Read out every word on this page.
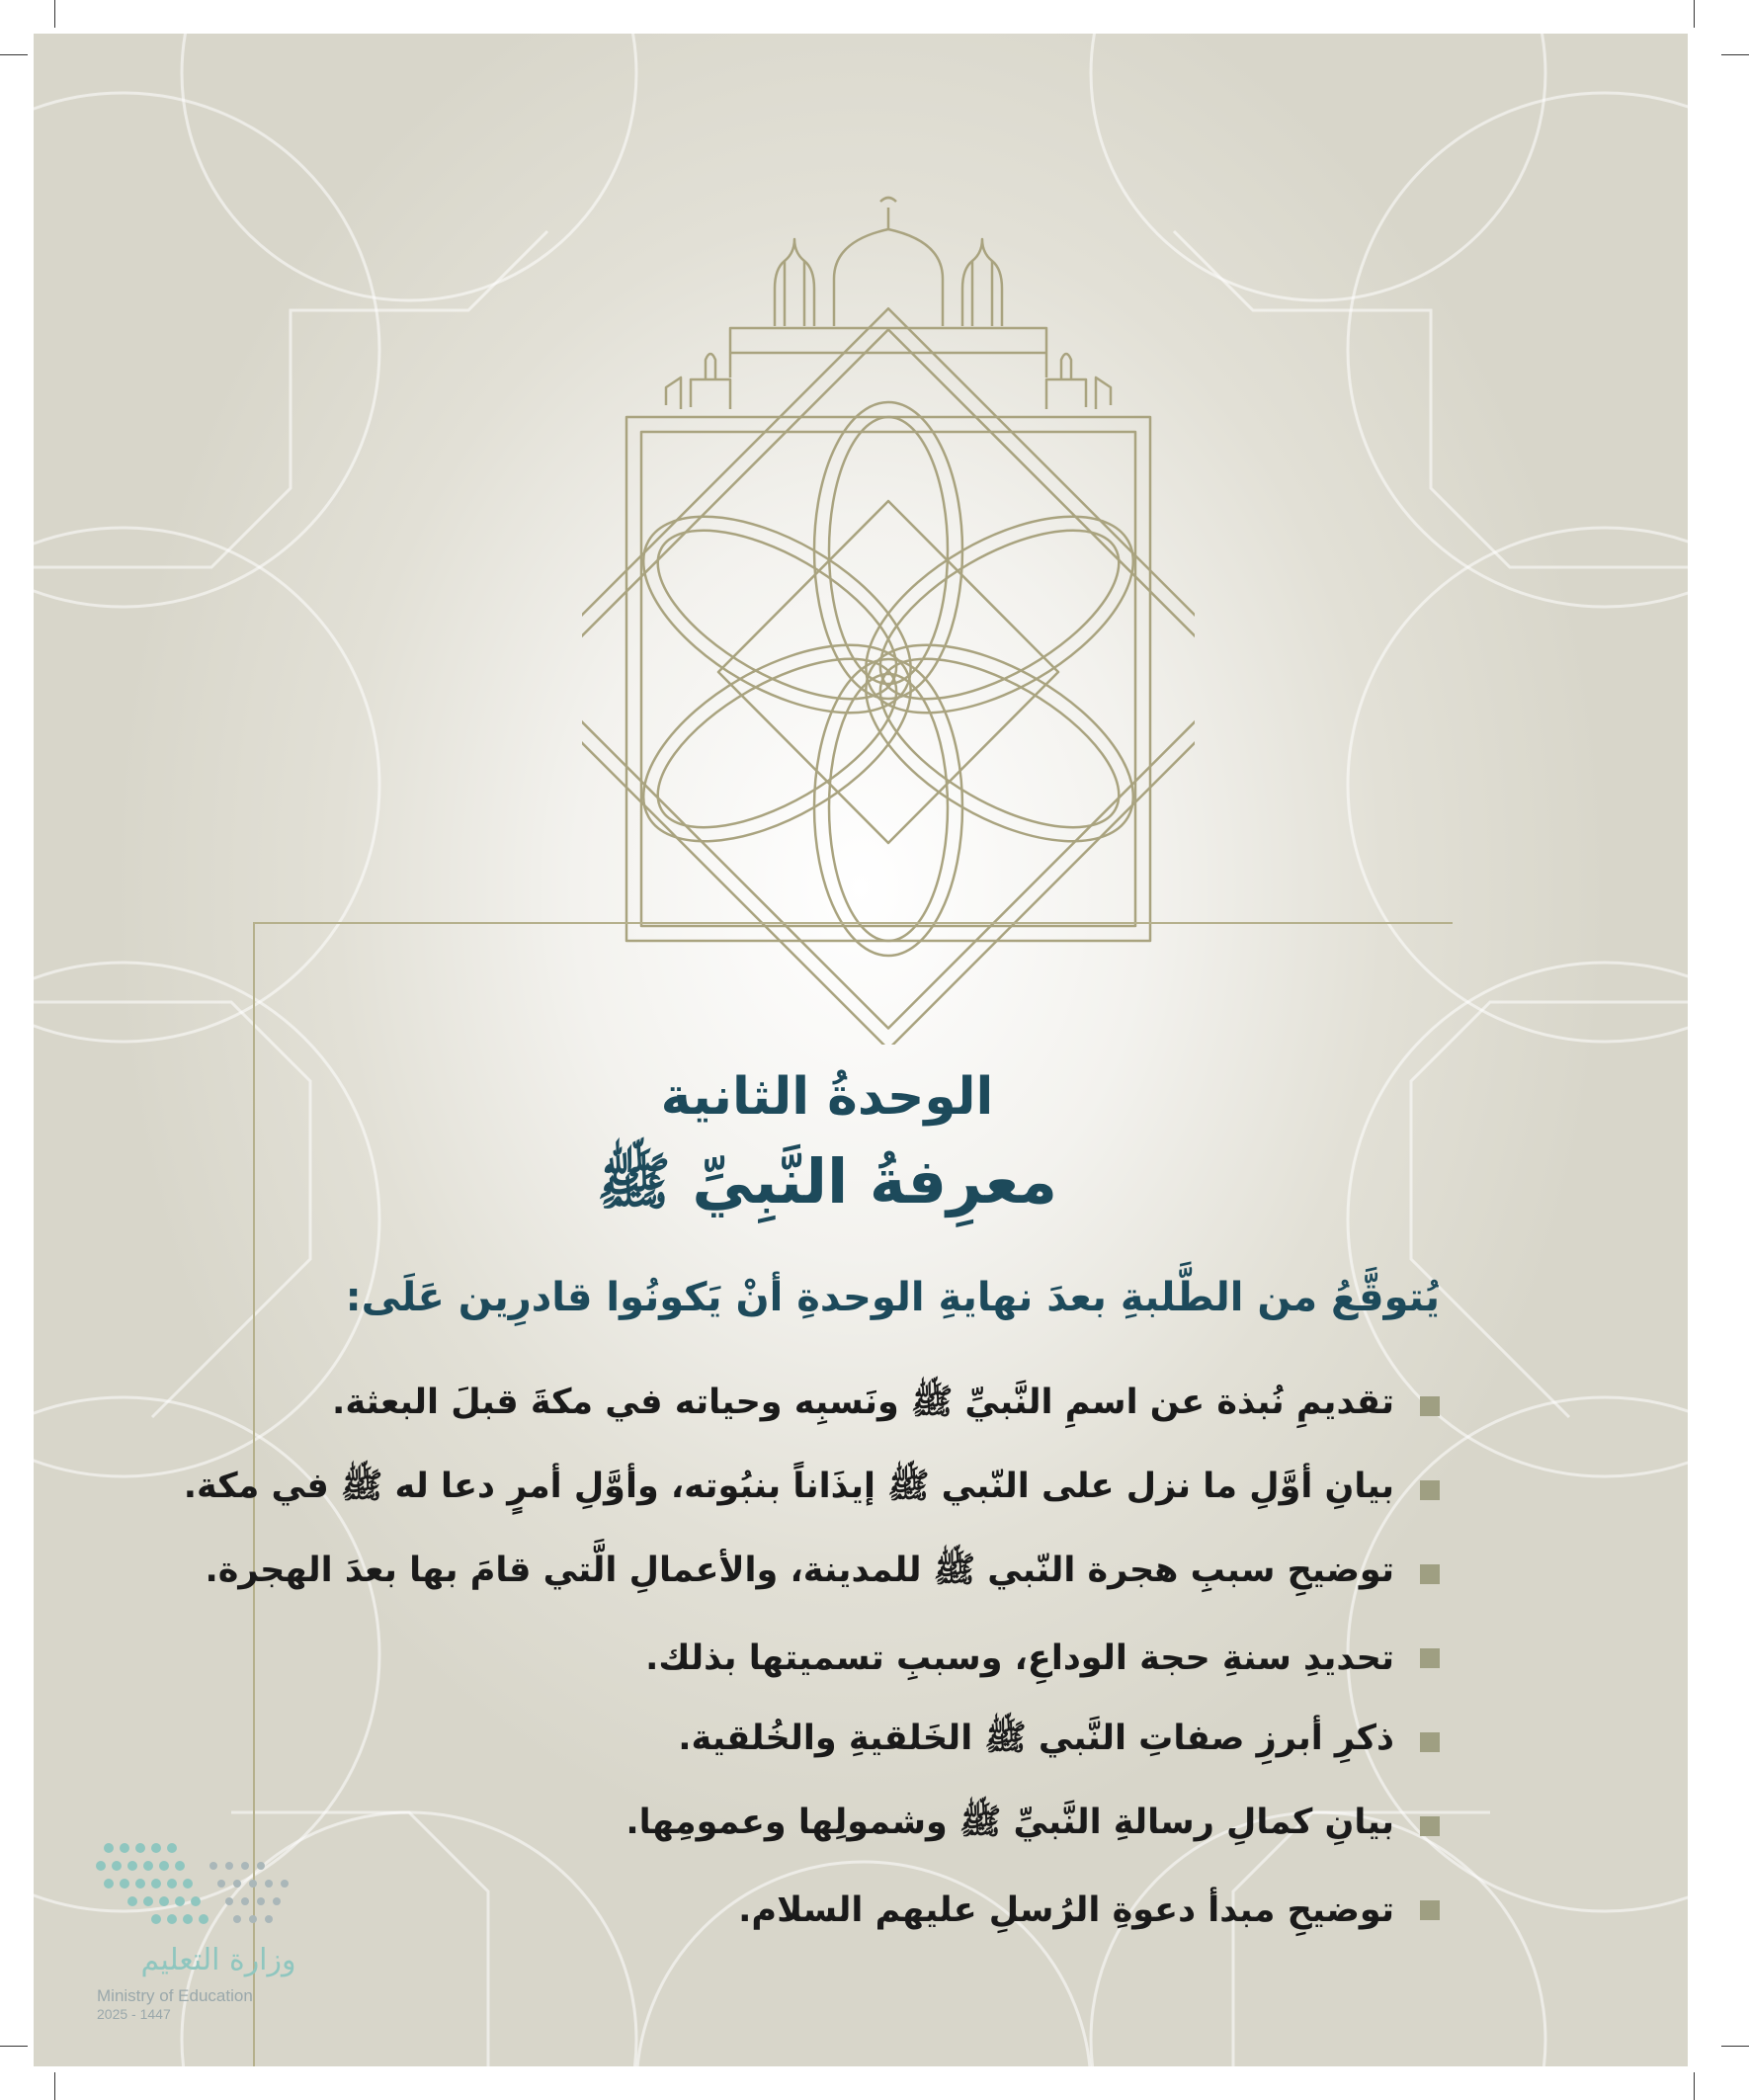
الوحدةُ الثانية
معرِفةُ النَّبِيِّ ﷺ
يُتوقَّعُ من الطَّلبةِ بعدَ نهايةِ الوحدةِ أنْ يَكونُوا قادرِين عَلَى:
تقديمِ نُبذة عن اسمِ النَّبيِّ ﷺ ونَسبِه وحياته في مكةَ قبلَ البعثة.
بيانِ أوَّلِ ما نزل على النّبي ﷺ إيذَاناً بنبُوته، وأوَّلِ أمرٍ دعا له ﷺ في مكة.
توضيحِ سببِ هجرة النّبي ﷺ للمدينة، والأعمالِ الَّتي قامَ بها بعدَ الهجرة.
تحديدِ سنةِ حجة الوداعِ، وسببِ تسميتها بذلك.
ذكرِ أبرزِ صفاتِ النَّبي ﷺ الخَلقيةِ والخُلقية.
بيانِ كمالِ رسالةِ النَّبيِّ ﷺ وشمولِها وعمومِها.
توضيحِ مبدأ دعوةِ الرُسلِ عليهم السلام.
وزارة التعليم
Ministry of Education
2025 - 1447
